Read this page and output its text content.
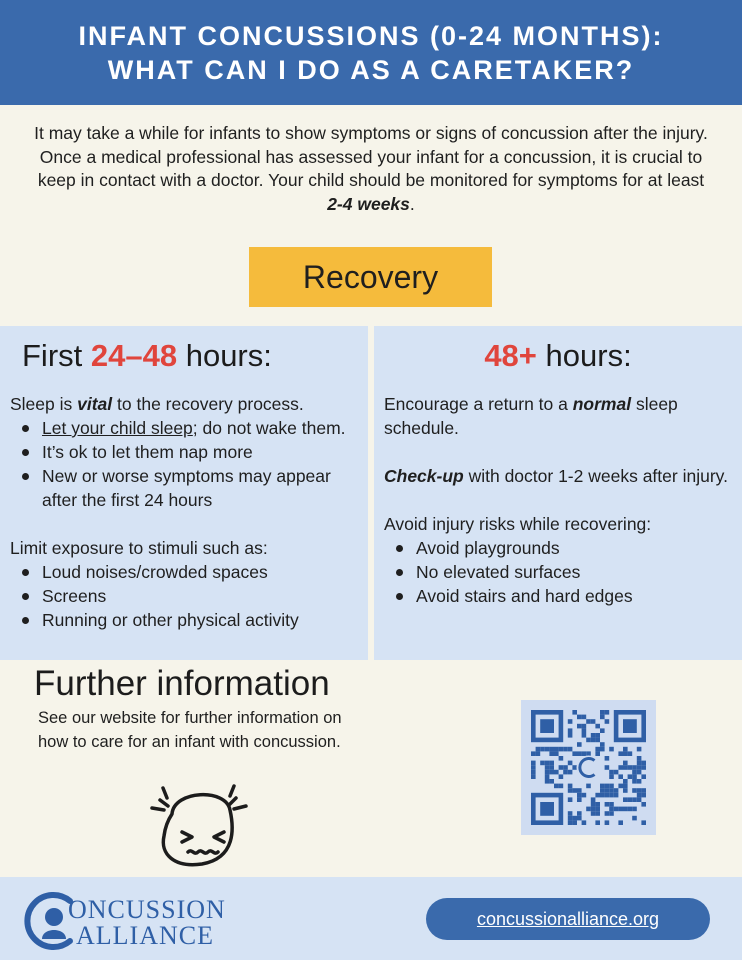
INFANT CONCUSSIONS (0-24 MONTHS):
WHAT CAN I DO AS A CARETAKER?
It may take a while for infants to show symptoms or signs of concussion after the injury. Once a medical professional has assessed your infant for a concussion, it is crucial to keep in contact with a doctor. Your child should be monitored for symptoms for at least 2-4 weeks.
Recovery
First 24–48 hours:

Sleep is vital to the recovery process.

Let your child sleep; do not wake them.
It’s ok to let them nap more
New or worse symptoms may appear after the first 24 hours

Limit exposure to stimuli such as:

Loud noises/crowded spaces
Screens
Running or other physical activity
48+ hours:

Encourage a return to a normal sleep schedule.

Check-up with doctor 1-2 weeks after injury.

Avoid injury risks while recovering:

Avoid playgrounds
No elevated surfaces
Avoid stairs and hard edges
Further information
See our website for further information on how to care for an infant with concussion.
ONCUSSION
ALLIANCE
concussionalliance.org
